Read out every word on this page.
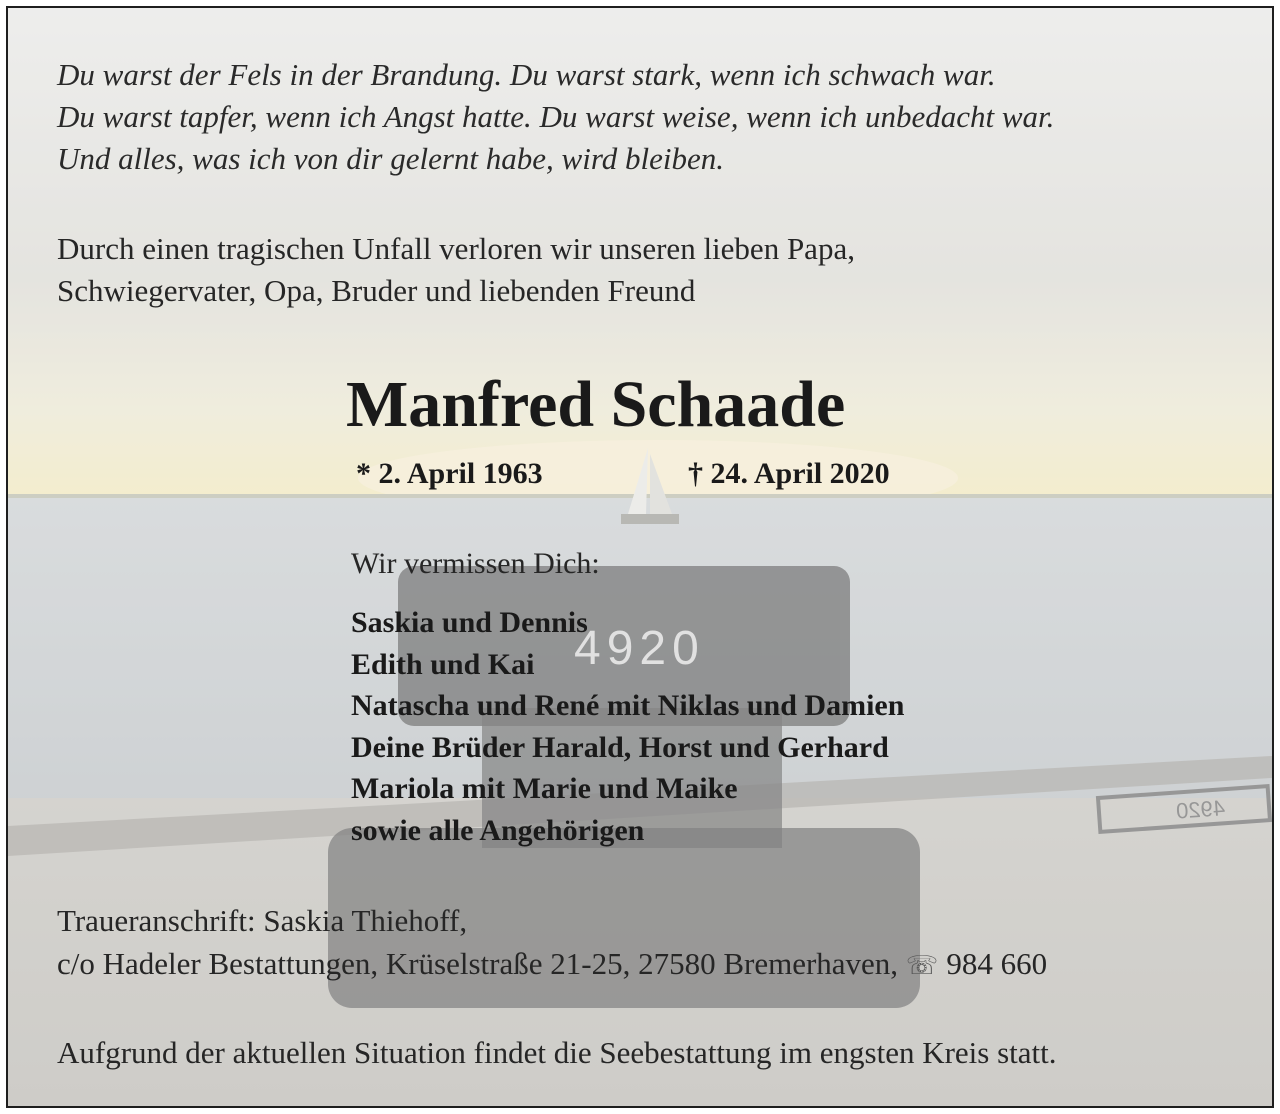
4920
4920
Du warst der Fels in der Brandung. Du warst stark, wenn ich schwach war.
Du warst tapfer, wenn ich Angst hatte. Du warst weise, wenn ich unbedacht war.
Und alles, was ich von dir gelernt habe, wird bleiben.
Durch einen tragischen Unfall verloren wir unseren lieben Papa,
Schwiegervater, Opa, Bruder und liebenden Freund
Manfred Schaade
* 2. April 1963	† 24. April 2020
Wir vermissen Dich:
Saskia und Dennis
Edith und Kai
Natascha und René mit Niklas und Damien
Deine Brüder Harald, Horst und Gerhard
Mariola mit Marie und Maike
sowie alle Angehörigen
Traueranschrift: Saskia Thiehoff,
c/o Hadeler Bestattungen, Krüselstraße 21-25, 27580 Bremerhaven, ☏ 984 660
Aufgrund der aktuellen Situation findet die Seebestattung im engsten Kreis statt.
